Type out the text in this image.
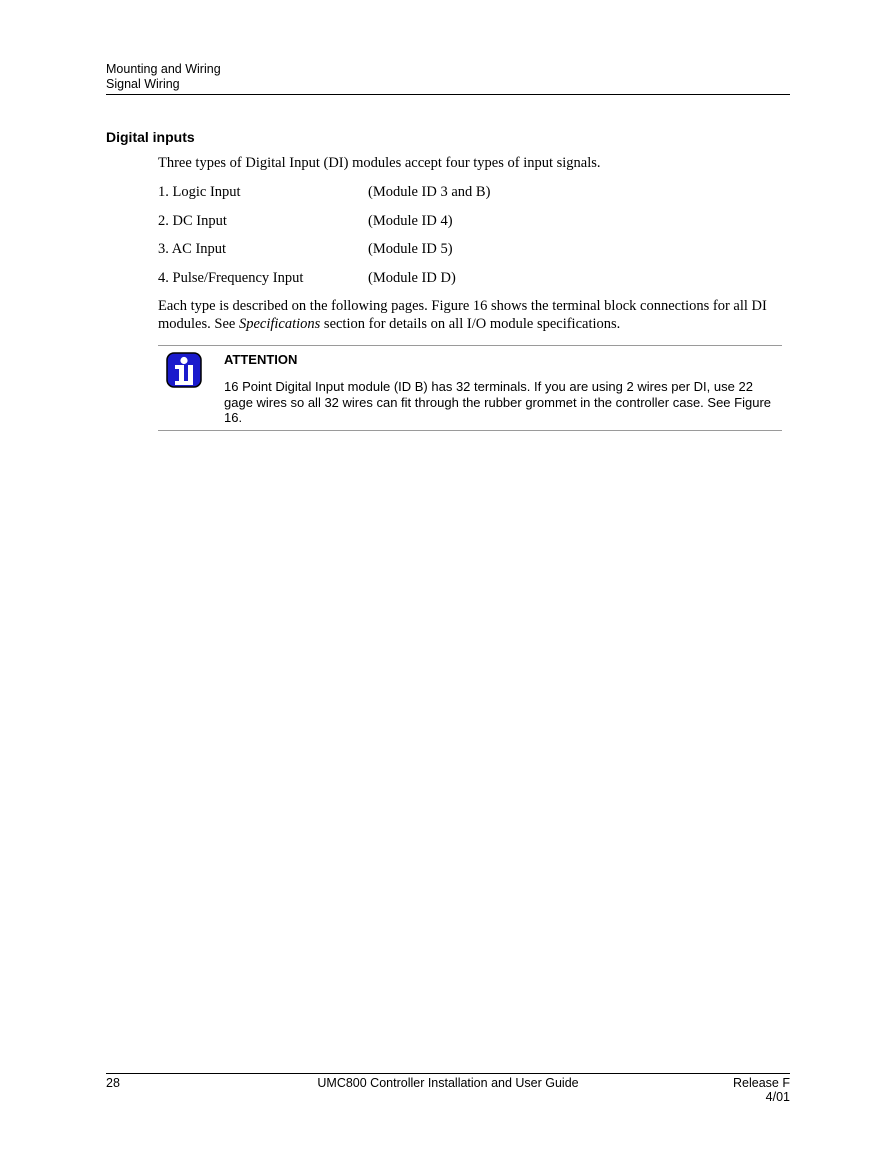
Mounting and Wiring
Signal Wiring
Digital inputs

Three types of Digital Input (DI) modules accept four types of input signals.

1. Logic Input	(Module ID 3 and B)
2. DC Input	(Module ID 4)
3. AC Input	(Module ID 5)
4. Pulse/Frequency Input	(Module ID D)

Each type is described on the following pages. Figure 16 shows the terminal block connections for all DI modules. See Specifications section for details on all I/O module specifications.

ATTENTION
16 Point Digital Input module (ID B) has 32 terminals. If you are using 2 wires per DI, use 22 gage wires so all 32 wires can fit through the rubber grommet in the controller case. See Figure 16.
28	UMC800 Controller Installation and User Guide	Release F
4/01
